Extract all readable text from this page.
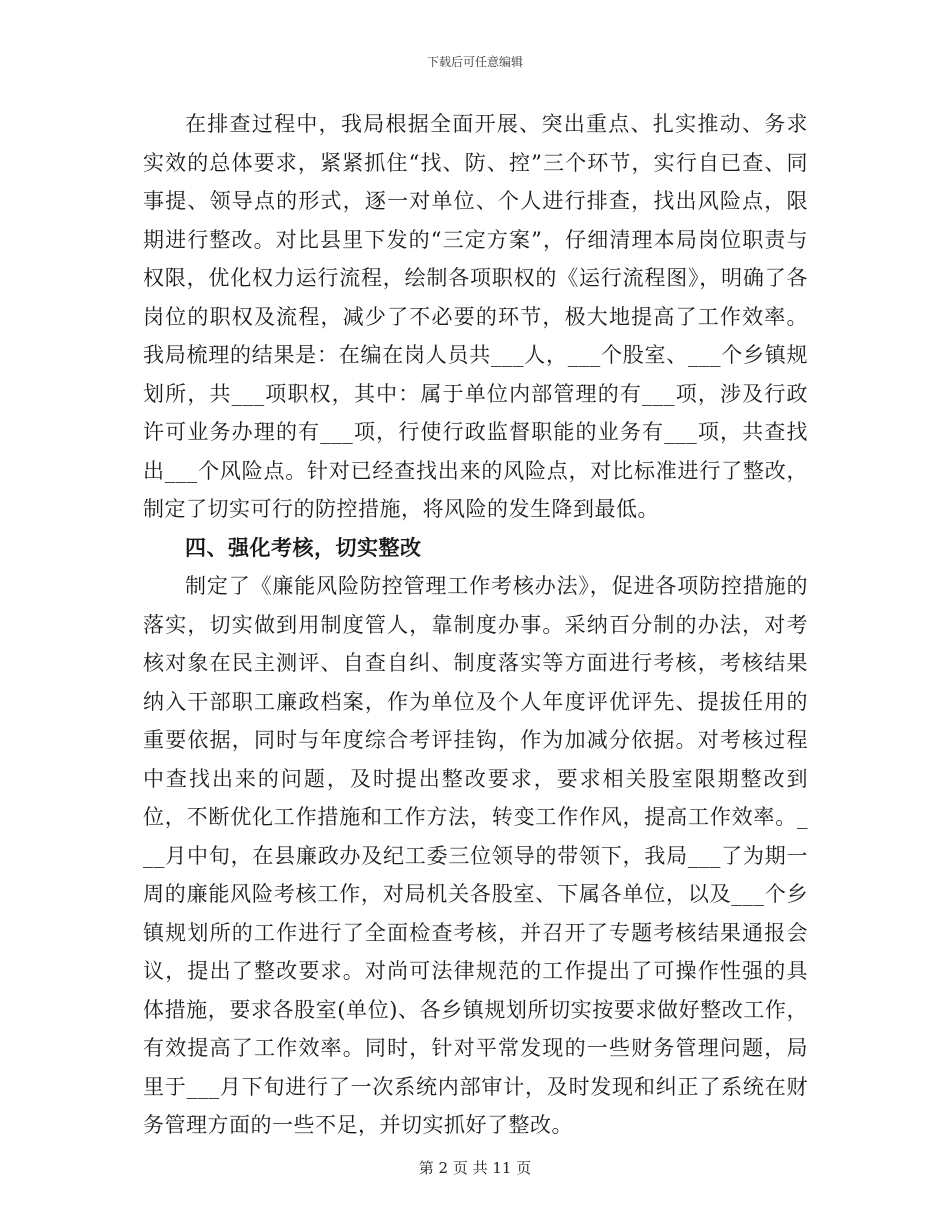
下载后可任意编辑

在排查过程中，我局根据全面开展、突出重点、扎实推动、务求实效的总体要求，紧紧抓住“找、防、控”三个环节，实行自已查、同事提、领导点的形式，逐一对单位、个人进行排查，找出风险点，限期进行整改。对比县里下发的“三定方案”，仔细清理本局岗位职责与权限，优化权力运行流程，绘制各项职权的《运行流程图》，明确了各岗位的职权及流程，减少了不必要的环节，极大地提高了工作效率。我局梳理的结果是：在编在岗人员共___人，___个股室、___个乡镇规划所，共___项职权，其中：属于单位内部管理的有___项，涉及行政许可业务办理的有___项，行使行政监督职能的业务有___项，共查找出___个风险点。针对已经查找出来的风险点，对比标准进行了整改，制定了切实可行的防控措施，将风险的发生降到最低。

四、强化考核，切实整改

制定了《廉能风险防控管理工作考核办法》，促进各项防控措施的落实，切实做到用制度管人，靠制度办事。采纳百分制的办法，对考核对象在民主测评、自查自纠、制度落实等方面进行考核，考核结果纳入干部职工廉政档案，作为单位及个人年度评优评先、提拔任用的重要依据，同时与年度综合考评挂钩，作为加减分依据。对考核过程中查找出来的问题，及时提出整改要求，要求相关股室限期整改到位，不断优化工作措施和工作方法，转变工作作风，提高工作效率。___月中旬，在县廉政办及纪工委三位领导的带领下，我局___了为期一周的廉能风险考核工作，对局机关各股室、下属各单位，以及___个乡镇规划所的工作进行了全面检查考核，并召开了专题考核结果通报会议，提出了整改要求。对尚可法律规范的工作提出了可操作性强的具体措施，要求各股室(单位)、各乡镇规划所切实按要求做好整改工作，有效提高了工作效率。同时，针对平常发现的一些财务管理问题，局里于___月下旬进行了一次系统内部审计，及时发现和纠正了系统在财务管理方面的一些不足，并切实抓好了整改。

第 2 页 共 11 页
